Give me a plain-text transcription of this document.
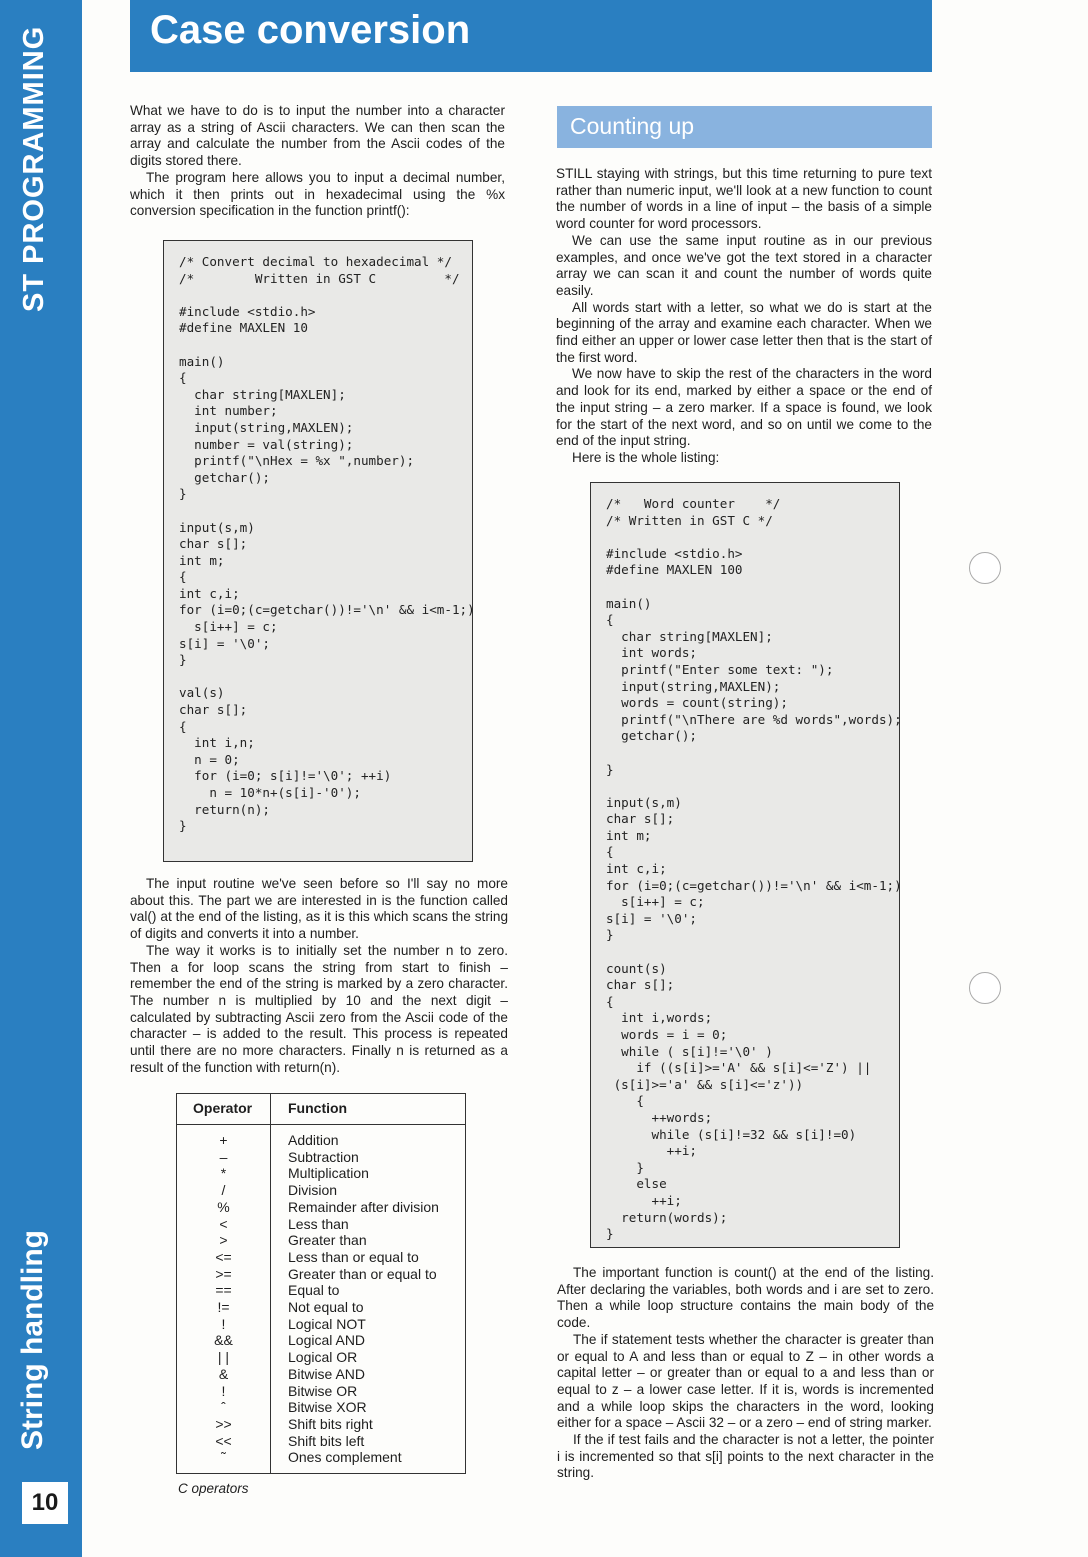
ST PROGRAMMING
String handling
10
Case conversion

What we have to do is to input the number into a character array as a string of Ascii characters. We can then scan the array and calculate the number from the Ascii codes of the digits stored there.

The program here allows you to input a decimal number, which it then prints out in hexadecimal using the %x conversion specification in the function printf():

/* Convert decimal to hexadecimal */
/*        Written in GST C         */

#include <stdio.h>
#define MAXLEN 10

main()
{
char string[MAXLEN];
int number;
input(string,MAXLEN);
number = val(string);
printf("\nHex = %x ",number);
getchar();
}

input(s,m)
char s[];
int m;
{
int c,i;
for (i=0;(c=getchar())!='\n' && i<m-1;)
s[i++] = c;
s[i] = '\0';
}

val(s)
char s[];
{
int i,n;
n = 0;
for (i=0; s[i]!='\0'; ++i)
n = 10*n+(s[i]-'0');
return(n);
}

The input routine we've seen before so I'll say no more about this. The part we are interested in is the function called val() at the end of the listing, as it is this which scans the string of digits and converts it into a number.

The way it works is to initially set the number n to zero. Then a for loop scans the string from start to finish – remember the end of the string is marked by a zero character. The number n is multiplied by 10 and the next digit – calculated by subtracting Ascii zero from the Ascii code of the character – is added to the result. This process is repeated until there are no more characters. Finally n is returned as a result of the function with return(n).

Operator	Function
+
–
*
/
%
<
>
<=
>=
==
!=
!
&&
| |
&
!
ˆ
>>
<<
˜
Addition
Subtraction
Multiplication
Division
Remainder after division
Less than
Greater than
Less than or equal to
Greater than or equal to
Equal to
Not equal to
Logical NOT
Logical AND
Logical OR
Bitwise AND
Bitwise OR
Bitwise XOR
Shift bits right
Shift bits left
Ones complement
C operators
Counting up

STILL staying with strings, but this time returning to pure text rather than numeric input, we'll look at a new function to count the number of words in a line of input – the basis of a simple word counter for word processors.

We can use the same input routine as in our previous examples, and once we've got the text stored in a character array we can scan it and count the number of words quite easily.

All words start with a letter, so what we do is start at the beginning of the array and examine each character. When we find either an upper or lower case letter then that is the start of the first word.

We now have to skip the rest of the characters in the word and look for its end, marked by either a space or the end of the input string – a zero marker. If a space is found, we look for the start of the next word, and so on until we come to the end of the input string.

Here is the whole listing:

/*   Word counter    */
/* Written in GST C */

#include <stdio.h>
#define MAXLEN 100

main()
{
char string[MAXLEN];
int words;
printf("Enter some text: ");
input(string,MAXLEN);
words = count(string);
printf("\nThere are %d words",words);
getchar();

}

input(s,m)
char s[];
int m;
{
int c,i;
for (i=0;(c=getchar())!='\n' && i<m-1;)
s[i++] = c;
s[i] = '\0';
}

count(s)
char s[];
{
int i,words;
words = i = 0;
while ( s[i]!='\0' )
if ((s[i]>='A' && s[i]<='Z') ||
(s[i]>='a' && s[i]<='z'))
{
++words;
while (s[i]!=32 && s[i]!=0)
++i;
}
else
++i;
return(words);
}

The important function is count() at the end of the listing. After declaring the variables, both words and i are set to zero. Then a while loop structure contains the main body of the code.

The if statement tests whether the character is greater than or equal to A and less than or equal to Z – in other words a capital letter – or greater than or equal to a and less than or equal to z – a lower case letter. If it is, words is incremented and a while loop skips the characters in the word, looking either for a space – Ascii 32 – or a zero – end of string marker.

If the if test fails and the character is not a letter, the pointer i is incremented so that s[i] points to the next character in the string.
